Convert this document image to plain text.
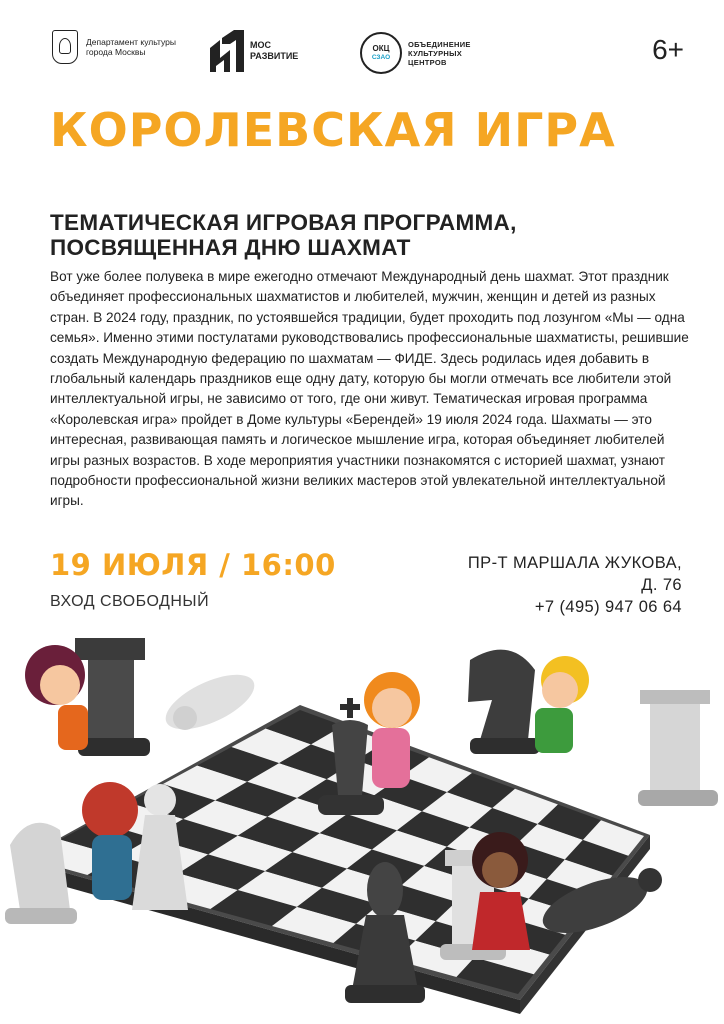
Департамент культуры города Москвы
МОС РАЗВИТИЕ
ОКЦ
СЗАО
ОБЪЕДИНЕНИЕ КУЛЬТУРНЫХ ЦЕНТРОВ	6+
КОРОЛЕВСКАЯ ИГРА
ТЕМАТИЧЕСКАЯ ИГРОВАЯ ПРОГРАММА, ПОСВЯЩЕННАЯ ДНЮ ШАХМАТ

Вот уже более полувека в мире ежегодно отмечают Международный день шахмат. Этот праздник объединяет профессиональных шахматистов и любителей, мужчин, женщин и детей из разных стран. В 2024 году, праздник, по устоявшейся традиции, будет проходить под лозунгом «Мы — одна семья». Именно этими постулатами руководствовались профессиональные шахматисты, решившие создать Международную федерацию по шахматам — ФИДЕ. Здесь родилась идея добавить в глобальный календарь праздников еще одну дату, которую бы могли отмечать все любители этой интеллектуальной игры, не зависимо от того, где они живут. Тематическая игровая программа «Королевская игра» пройдет в Доме культуры «Берендей» 19 июля 2024 года. Шахматы — это интересная, развивающая память и логическое мышление игра, которая объединяет любителей игры разных возрастов. В ходе мероприятия участники познакомятся с историей шахмат, узнают подробности профессиональной жизни великих мастеров этой увлекательной интеллектуальной игры.

19 ИЮЛЯ / 16:00
ВХОД СВОБОДНЫЙ
ПР-Т МАРШАЛА ЖУКОВА,
Д. 76
+7 (495) 947 06 64
